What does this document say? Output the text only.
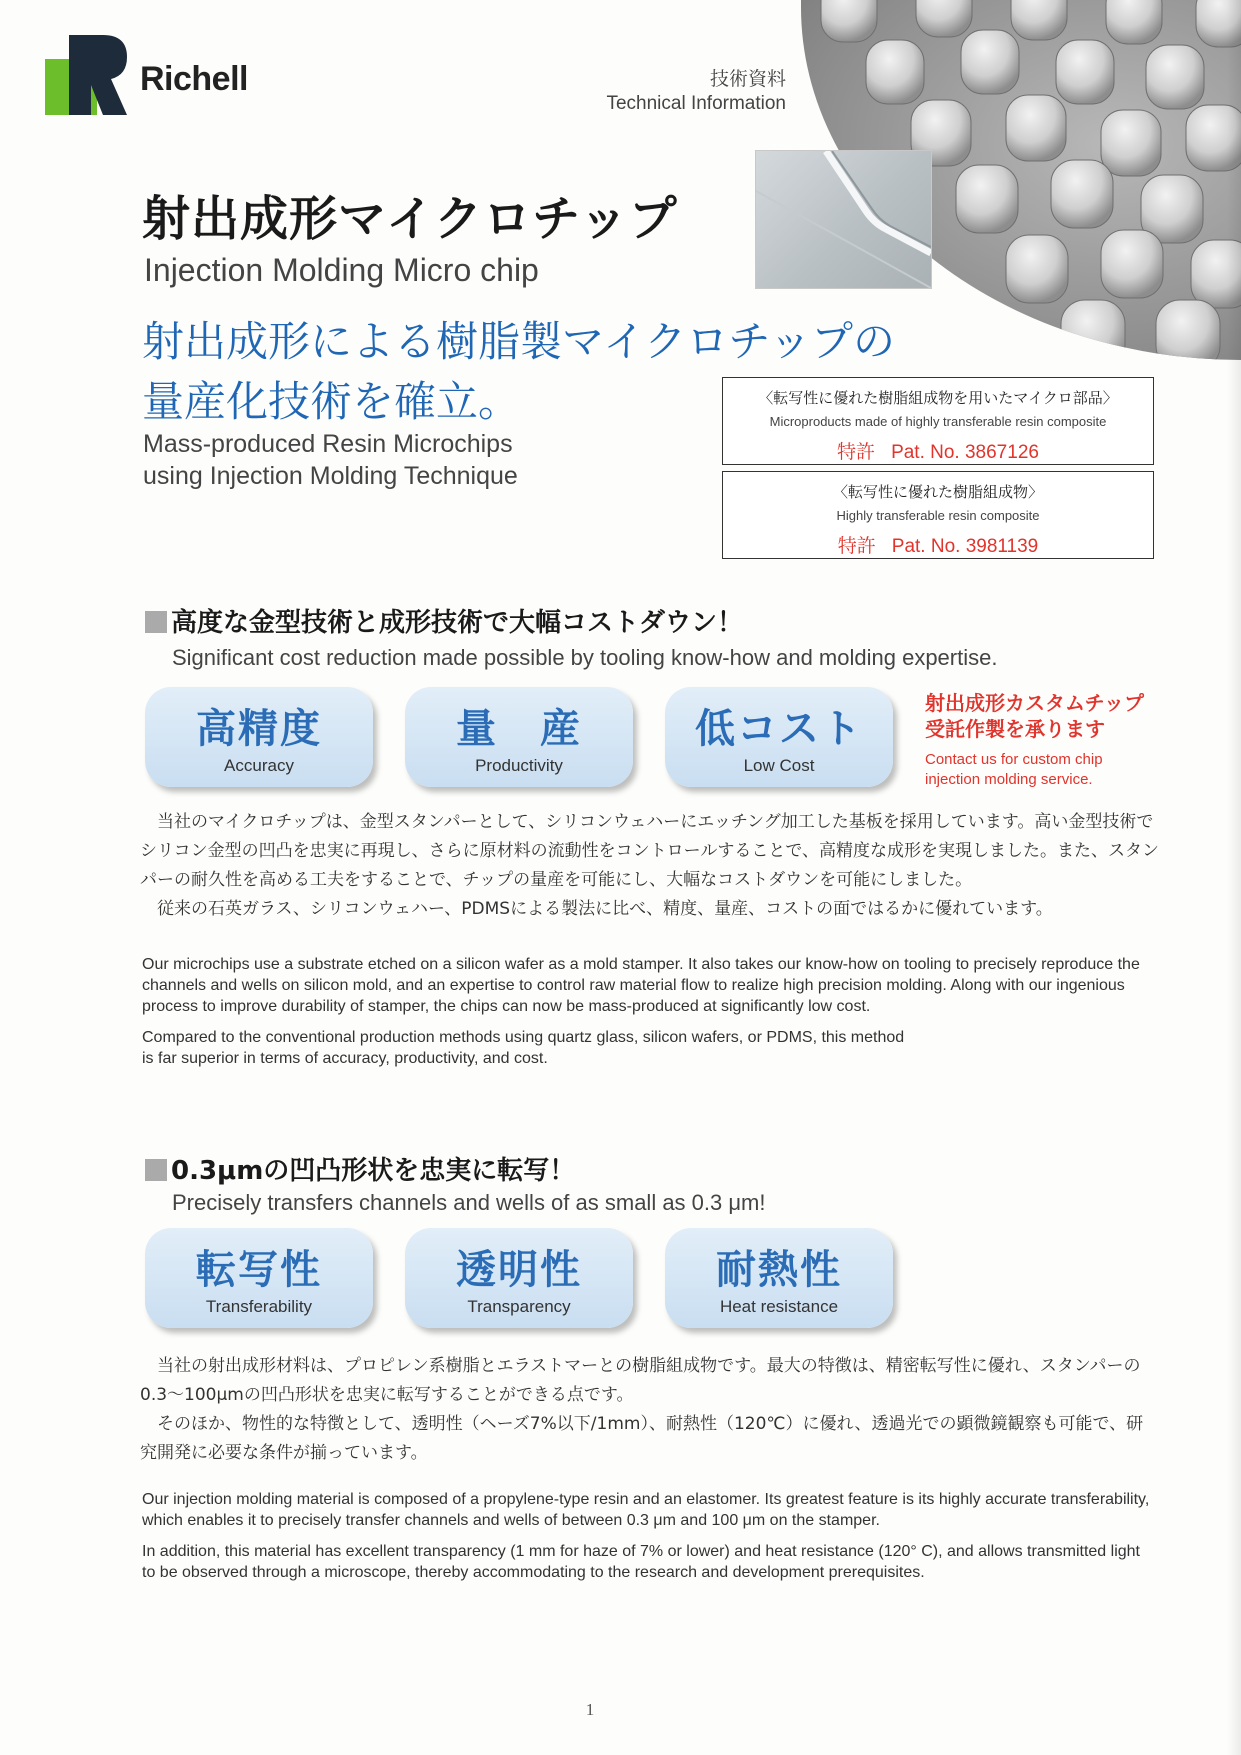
Richell	技術資料
Technical Information
射出成形マイクロチップ
Injection Molding Micro chip
射出成形による樹脂製マイクロチップの
量産化技術を確立。
Mass-produced Resin Microchips
using Injection Molding Technique
〈転写性に優れた樹脂組成物を用いたマイクロ部品〉
Microproducts made of highly transferable resin composite
特許 Pat. No. 3867126
〈転写性に優れた樹脂組成物〉
Highly transferable resin composite
特許 Pat. No. 3981139
高度な金型技術と成形技術で大幅コストダウン！
Significant cost reduction made possible by tooling know-how and molding expertise.
高精度
Accuracy
量　産
Productivity
低コスト
Low Cost
射出成形カスタムチップ
受託作製を承ります
Contact us for custom chip
injection molding service.

当社のマイクロチップは、金型スタンパーとして、シリコンウェハーにエッチング加工した基板を採用しています。高い金型技術でシリコン金型の凹凸を忠実に再現し、さらに原材料の流動性をコントロールすることで、高精度な成形を実現しました。また、スタンパーの耐久性を高める工夫をすることで、チップの量産を可能にし、大幅なコストダウンを可能にしました。

従来の石英ガラス、シリコンウェハー、PDMSによる製法に比べ、精度、量産、コストの面ではるかに優れています。

Our microchips use a substrate etched on a silicon wafer as a mold stamper. It also takes our know-how on tooling to precisely reproduce the channels and wells on silicon mold, and an expertise to control raw material flow to realize high precision molding. Along with our ingenious process to improve durability of stamper, the chips can now be mass-produced at significantly low cost.

Compared to the conventional production methods using quartz glass, silicon wafers, or PDMS, this method
is far superior in terms of accuracy, productivity, and cost.

0.3μmの凹凸形状を忠実に転写！
Precisely transfers channels and wells of as small as 0.3 μm!
転写性
Transferability
透明性
Transparency
耐熱性
Heat resistance

当社の射出成形材料は、プロピレン系樹脂とエラストマーとの樹脂組成物です。最大の特徴は、精密転写性に優れ、スタンパーの0.3〜100μmの凹凸形状を忠実に転写することができる点です。

そのほか、物性的な特徴として、透明性（ヘーズ7%以下/1mm）、耐熱性（120℃）に優れ、透過光での顕微鏡観察も可能で、研究開発に必要な条件が揃っています。

Our injection molding material is composed of a propylene-type resin and an elastomer. Its greatest feature is its highly accurate transferability, which enables it to precisely transfer channels and wells of between 0.3 μm and 100 μm on the stamper.

In addition, this material has excellent transparency (1 mm for haze of 7% or lower) and heat resistance (120° C), and allows transmitted light to be observed through a microscope, thereby accommodating to the research and development prerequisites.

1
